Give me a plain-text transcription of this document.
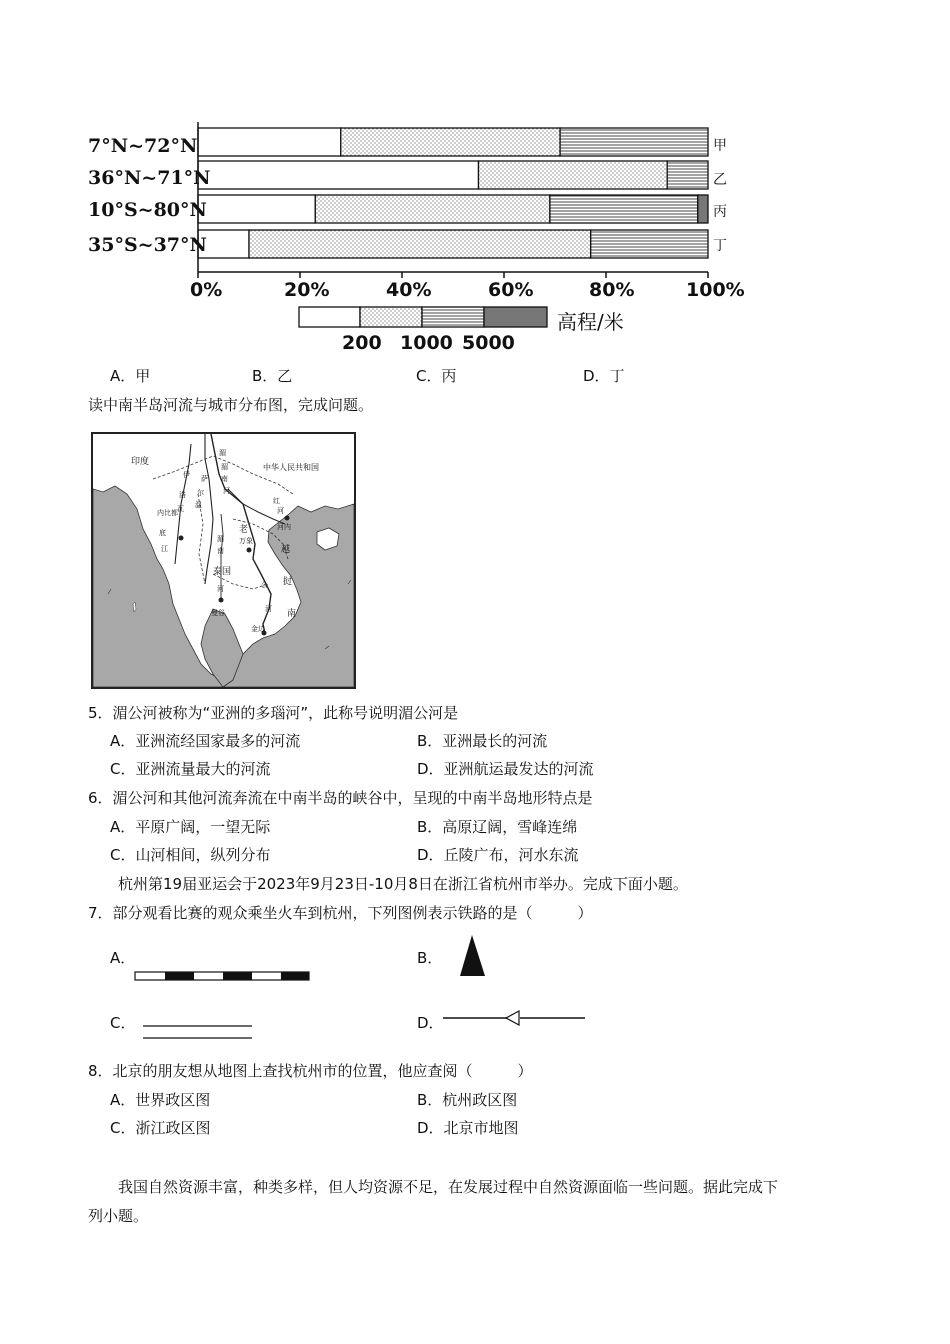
7°N~72°N
36°N~71°N
10°S~80°N
35°S~37°N
甲
乙
丙
丁
0%	20%	40%	60%	80%	100%
高程/米
200 1000 5000
A．甲	B．乙	C．丙	D．丁
读中南半岛河流与城市分布图，完成问题。
印度
中华人民共和国
老
越
挝
南
泰国
内比都
万象
河内
曼谷
金边
伊
洛
瓦
底
江
湄
公
河
红
河
湄
南
河
萨
尔
温
湄
南
河
5．湄公河被称为“亚洲的多瑙河”，此称号说明湄公河是
A．亚洲流经国家最多的河流	B．亚洲最长的河流
C．亚洲流量最大的河流	D．亚洲航运最发达的河流
6．湄公河和其他河流奔流在中南半岛的峡谷中，呈现的中南半岛地形特点是
A．平原广阔，一望无际	B．高原辽阔，雪峰连绵
C．山河相间，纵列分布	D．丘陵广布，河水东流
杭州第19届亚运会于2023年9月23日-10月8日在浙江省杭州市举办。完成下面小题。
7．部分观看比赛的观众乘坐火车到杭州，下列图例表示铁路的是（　　　）
A．	B．
C．	D．
8．北京的朋友想从地图上查找杭州市的位置，他应查阅（　　　）
A．世界政区图	B．杭州政区图
C．浙江政区图	D．北京市地图
我国自然资源丰富，种类多样，但人均资源不足，在发展过程中自然资源面临一些问题。据此完成下
列小题。
